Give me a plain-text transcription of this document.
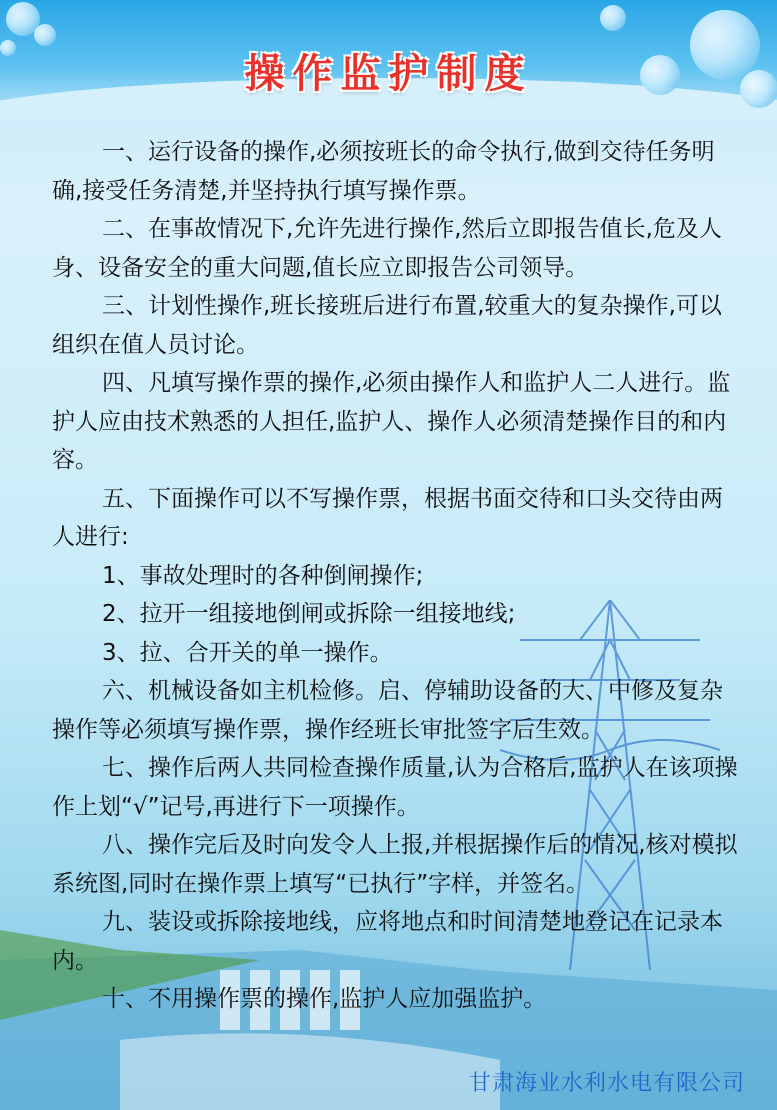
操作监护制度

一、运行设备的操作,必须按班长的命令执行,做到交待任务明确,接受任务清楚,并坚持执行填写操作票。

二、在事故情况下,允许先进行操作,然后立即报告值长,危及人身、设备安全的重大问题,值长应立即报告公司领导。

三、计划性操作,班长接班后进行布置,较重大的复杂操作,可以组织在值人员讨论。

四、凡填写操作票的操作,必须由操作人和监护人二人进行。监护人应由技术熟悉的人担任,监护人、操作人必须清楚操作目的和内容。

五、下面操作可以不写操作票，根据书面交待和口头交待由两人进行:

1、事故处理时的各种倒闸操作;

2、拉开一组接地倒闸或拆除一组接地线;

3、拉、合开关的单一操作。

六、机械设备如主机检修。启、停辅助设备的大、中修及复杂操作等必须填写操作票，操作经班长审批签字后生效。

七、操作后两人共同检查操作质量,认为合格后,监护人在该项操作上划“√”记号,再进行下一项操作。

八、操作完后及时向发令人上报,并根据操作后的情况,核对模拟系统图,同时在操作票上填写“已执行”字样，并签名。

九、装设或拆除接地线，应将地点和时间清楚地登记在记录本内。

十、不用操作票的操作,监护人应加强监护。

甘肃海业水利水电有限公司
